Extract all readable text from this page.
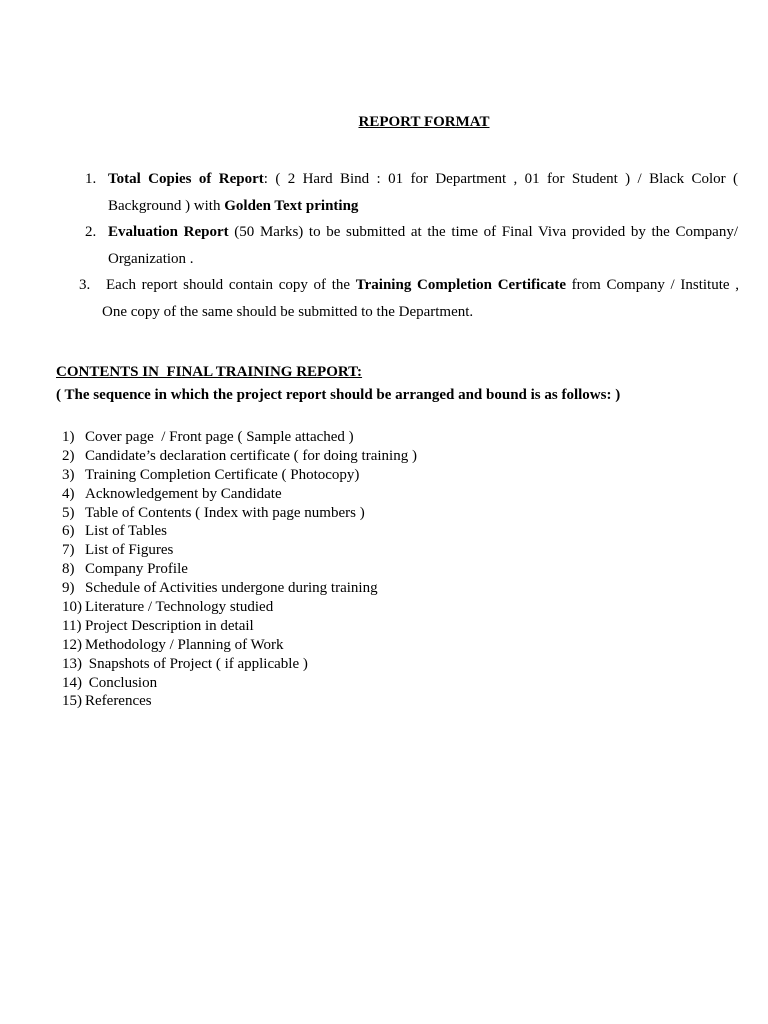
REPORT FORMAT
1. Total Copies of Report: ( 2 Hard Bind : 01 for Department , 01 for Student ) / Black Color ( Background ) with Golden Text printing
2. Evaluation Report (50 Marks) to be submitted at the time of Final Viva provided by the Company/ Organization .
3. Each report should contain copy of the Training Completion Certificate from Company / Institute , One copy of the same should be submitted to the Department.
CONTENTS IN  FINAL TRAINING REPORT:
( The sequence in which the project report should be arranged and bound is as follows: )
1) Cover page  / Front page ( Sample attached )
2) Candidate’s declaration certificate ( for doing training )
3) Training Completion Certificate ( Photocopy)
4) Acknowledgement by Candidate
5) Table of Contents ( Index with page numbers )
6) List of Tables
7) List of Figures
8) Company Profile
9) Schedule of Activities undergone during training
10) Literature / Technology studied
11) Project Description in detail
12) Methodology / Planning of Work
13) Snapshots of Project ( if applicable )
14) Conclusion
15) References
